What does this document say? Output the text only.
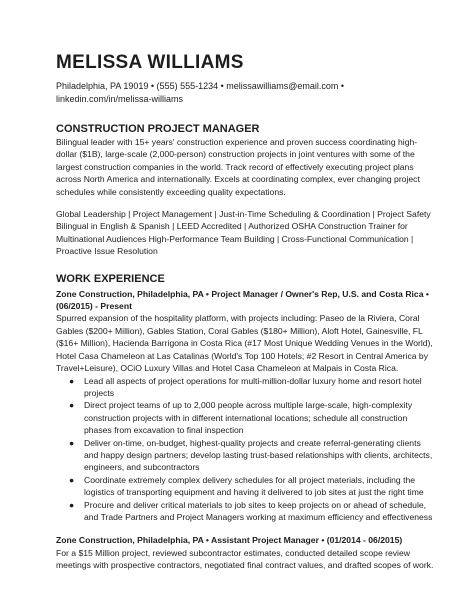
MELISSA WILLIAMS

Philadelphia, PA 19019 • (555) 555-1234 • melissawilliams@email.com •

linkedin.com/in/melissa-williams

CONSTRUCTION PROJECT MANAGER

Bilingual leader with 15+ years' construction experience and proven success coordinating high-dollar ($1B), large-scale (2,000-person) construction projects in joint ventures with some of the largest construction companies in the world. Track record of effectively executing project plans across North America and internationally. Excels at coordinating complex, ever changing project schedules while consistently exceeding quality expectations.

Global Leadership | Project Management | Just-in-Time Scheduling & Coordination | Project Safety Bilingual in English & Spanish | LEED Accredited | Authorized OSHA Construction Trainer for Multinational Audiences High-Performance Team Building | Cross-Functional Communication | Proactive Issue Resolution

WORK EXPERIENCE

Zone Construction, Philadelphia, PA • Project Manager / Owner's Rep, U.S. and Costa Rica • (06/2015) - Present

Spurred expansion of the hospitality platform, with projects including: Paseo de la Riviera, Coral Gables ($200+ Million), Gables Station, Coral Gables ($180+ Million), Aloft Hotel, Gainesville, FL ($16+ Million), Hacienda Barrigona in Costa Rica (#17 Most Unique Wedding Venues in the World), Hotel Casa Chameleon at Las Catalinas (World's Top 100 Hotels; #2 Resort in Central America by Travel+Leisure), OCiO Luxury Villas and Hotel Casa Chameleon at Malpais in Costa Rica.

● Lead all aspects of project operations for multi-million-dollar luxury home and resort hotel projects
● Direct project teams of up to 2,000 people across multiple large-scale, high-complexity construction projects with in different international locations; schedule all construction phases from excavation to final inspection
● Deliver on-time, on-budget, highest-quality projects and create referral-generating clients and happy design partners; develop lasting trust-based relationships with clients, architects, engineers, and subcontractors
● Coordinate extremely complex delivery schedules for all project materials, including the logistics of transporting equipment and having it delivered to job sites at just the right time
● Procure and deliver critical materials to job sites to keep projects on or ahead of schedule, and Trade Partners and Project Managers working at maximum efficiency and effectiveness

Zone Construction, Philadelphia, PA • Assistant Project Manager • (01/2014 - 06/2015)

For a $15 Million project, reviewed subcontractor estimates, conducted detailed scope review meetings with prospective contractors, negotiated final contract values, and drafted scopes of work.
